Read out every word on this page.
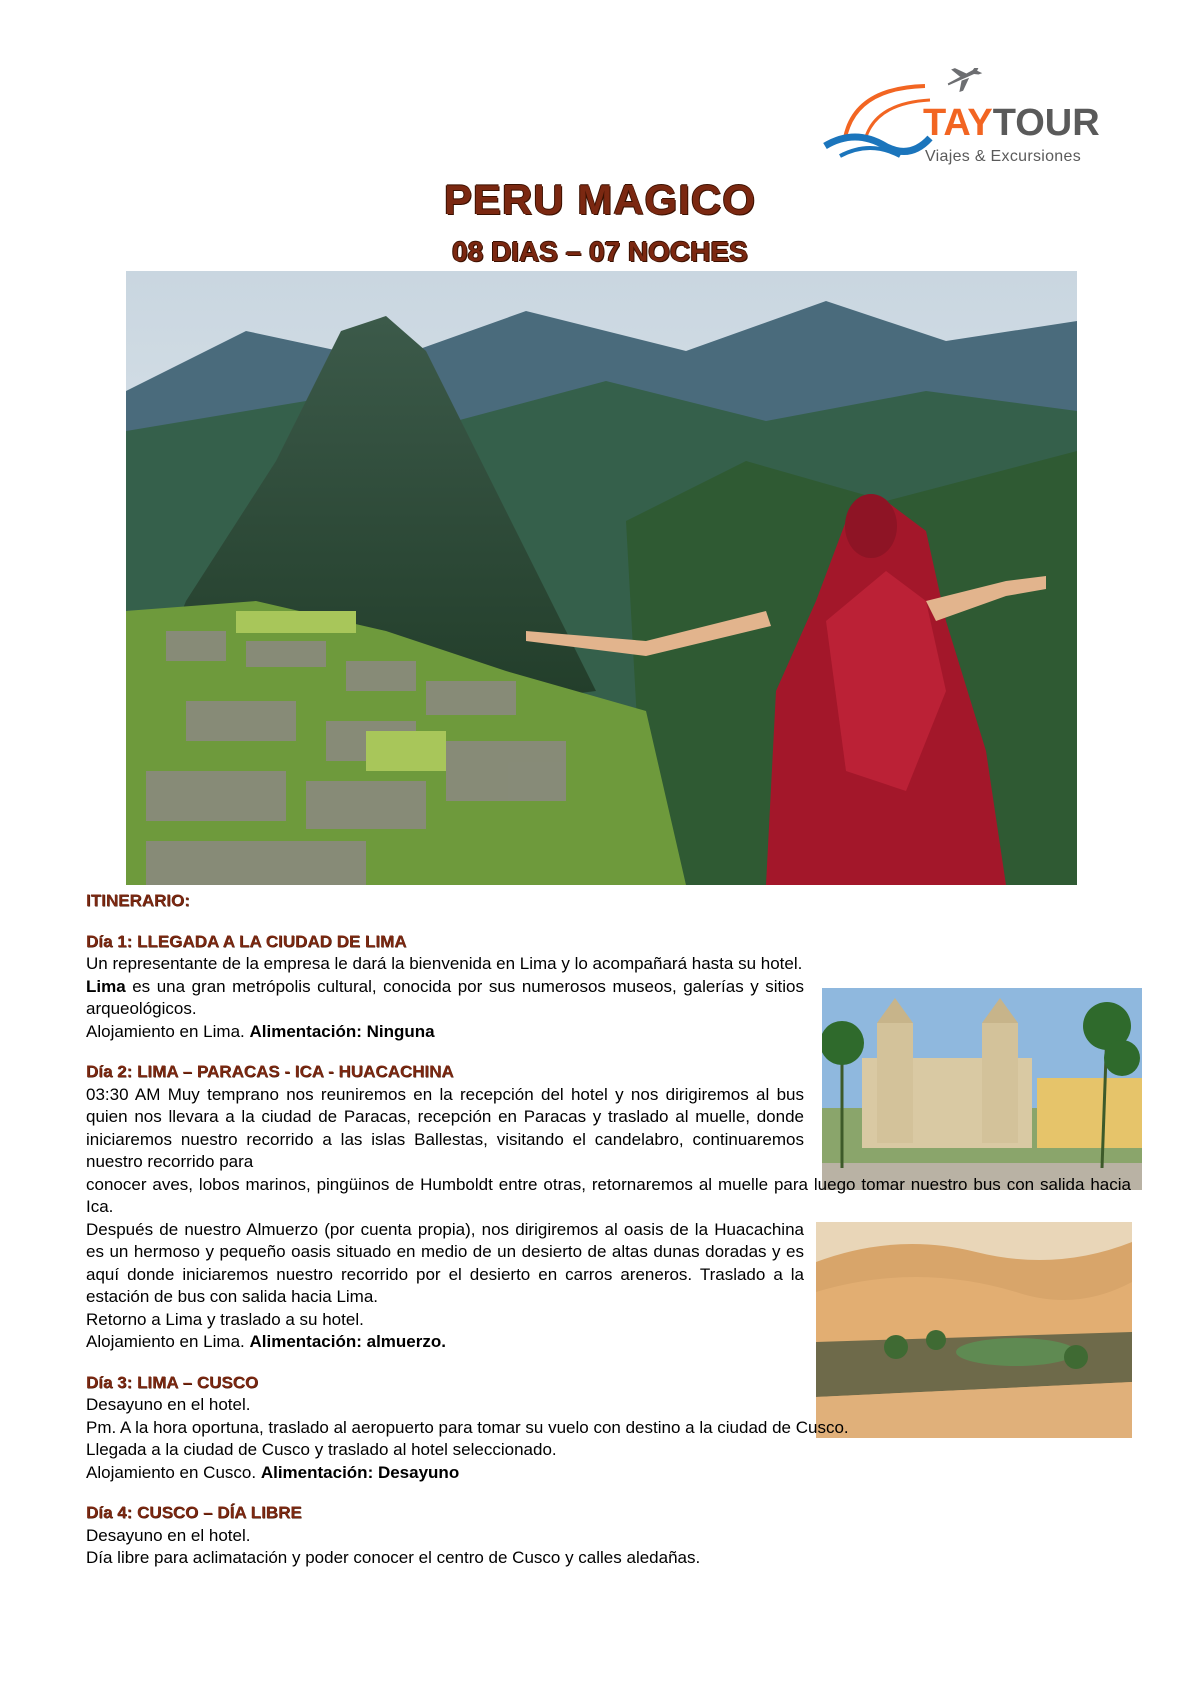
TAYTOUR
Viajes & Excursiones
PERU MAGICO
08 DIAS – 07 NOCHES

ITINERARIO:

Día 1: LLEGADA A LA CIUDAD DE LIMA

Un representante de la empresa le dará la bienvenida en Lima y lo acompañará hasta su hotel.

Lima es una gran metrópolis cultural, conocida por sus numerosos museos, galerías y sitios arqueológicos.

Alojamiento en Lima. Alimentación: Ninguna

Día 2: LIMA – PARACAS - ICA - HUACACHINA

03:30 AM Muy temprano nos reuniremos en la recepción del hotel y nos dirigiremos al bus quien nos llevara a la ciudad de Paracas, recepción en Paracas y traslado al muelle, donde iniciaremos nuestro recorrido a las islas Ballestas, visitando el candelabro, continuaremos nuestro recorrido para

conocer aves, lobos marinos, pingüinos de Humboldt entre otras, retornaremos al muelle para luego tomar nuestro bus con salida hacia Ica.

Después de nuestro Almuerzo (por cuenta propia), nos dirigiremos al oasis de la Huacachina es un hermoso y pequeño oasis situado en medio de un desierto de altas dunas doradas y es aquí donde iniciaremos nuestro recorrido por el desierto en carros areneros. Traslado a la estación de bus con salida hacia Lima.

Retorno a Lima y traslado a su hotel.

Alojamiento en Lima. Alimentación: almuerzo.

Día 3: LIMA – CUSCO

Desayuno en el hotel.

Pm. A la hora oportuna, traslado al aeropuerto para tomar su vuelo con destino a la ciudad de Cusco.

Llegada a la ciudad de Cusco y traslado al hotel seleccionado.

Alojamiento en Cusco. Alimentación: Desayuno

Día 4: CUSCO – DÍA LIBRE

Desayuno en el hotel.

Día libre para aclimatación y poder conocer el centro de Cusco y calles aledañas.
